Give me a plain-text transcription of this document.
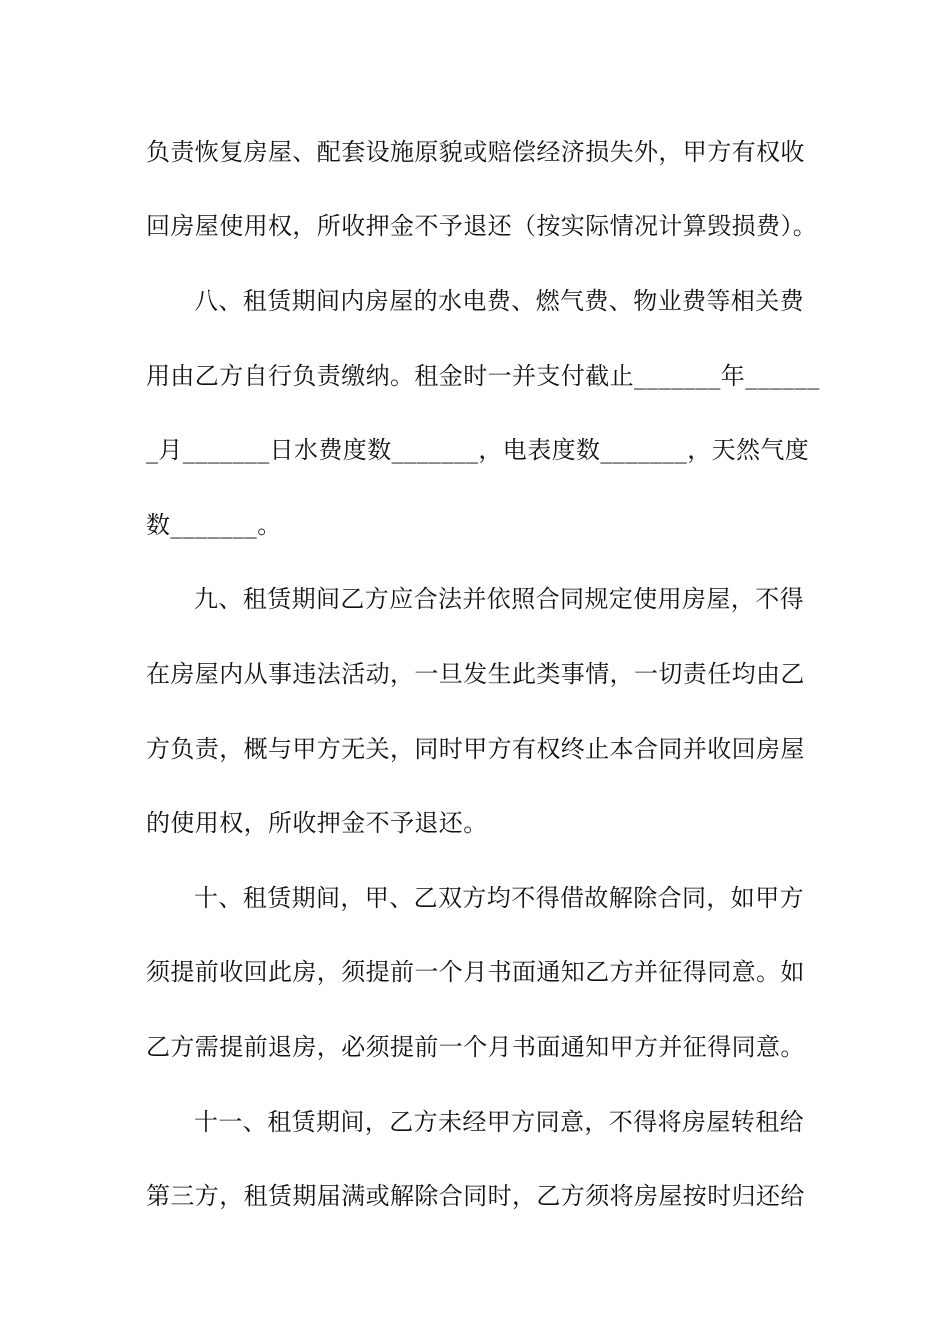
负责恢复房屋、配套设施原貌或赔偿经济损失外，甲方有权收
回房屋使用权，所收押金不予退还（按实际情况计算毁损费）。
八、租赁期间内房屋的水电费、燃气费、物业费等相关费
用由乙方自行负责缴纳。租金时一并支付截止_______年______
_月_______日水费度数_______，电表度数_______，天然气度
数_______。
九、租赁期间乙方应合法并依照合同规定使用房屋，不得
在房屋内从事违法活动，一旦发生此类事情，一切责任均由乙
方负责，概与甲方无关，同时甲方有权终止本合同并收回房屋
的使用权，所收押金不予退还。
十、租赁期间，甲、乙双方均不得借故解除合同，如甲方
须提前收回此房，须提前一个月书面通知乙方并征得同意。如
乙方需提前退房，必须提前一个月书面通知甲方并征得同意。
十一、租赁期间，乙方未经甲方同意，不得将房屋转租给
第三方，租赁期届满或解除合同时，乙方须将房屋按时归还给
